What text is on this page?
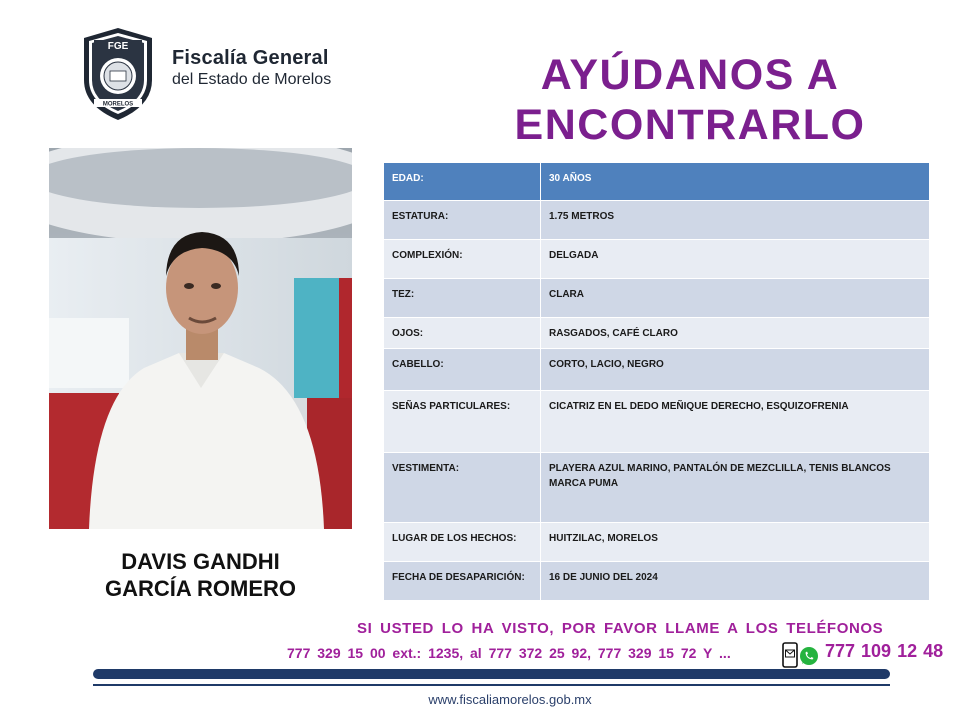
FGE
MORELOS
Fiscalía General
del Estado de Morelos	AYÚDANOS A
ENCONTRARLO
DAVIS GANDHI
GARCÍA ROMERO
EDAD:	30 AÑOS
ESTATURA:	1.75 METROS
COMPLEXIÓN:	DELGADA
TEZ:	CLARA
OJOS:	RASGADOS, CAFÉ CLARO
CABELLO:	CORTO, LACIO, NEGRO
SEÑAS PARTICULARES:	CICATRIZ EN EL DEDO MEÑIQUE DERECHO, ESQUIZOFRENIA
VESTIMENTA:	PLAYERA AZUL MARINO, PANTALÓN DE MEZCLILLA, TENIS BLANCOS MARCA PUMA
LUGAR DE LOS HECHOS:	HUITZILAC, MORELOS
FECHA DE DESAPARICIÓN:	16 DE JUNIO DEL 2024
SI USTED LO HA VISTO, POR FAVOR LLAME A LOS TELÉFONOS
777 329 15 00 ext.: 1235, al 777 372 25 92, 777 329 15 72 Y ...	777 109 12 48
www.fiscaliamorelos.gob.mx
